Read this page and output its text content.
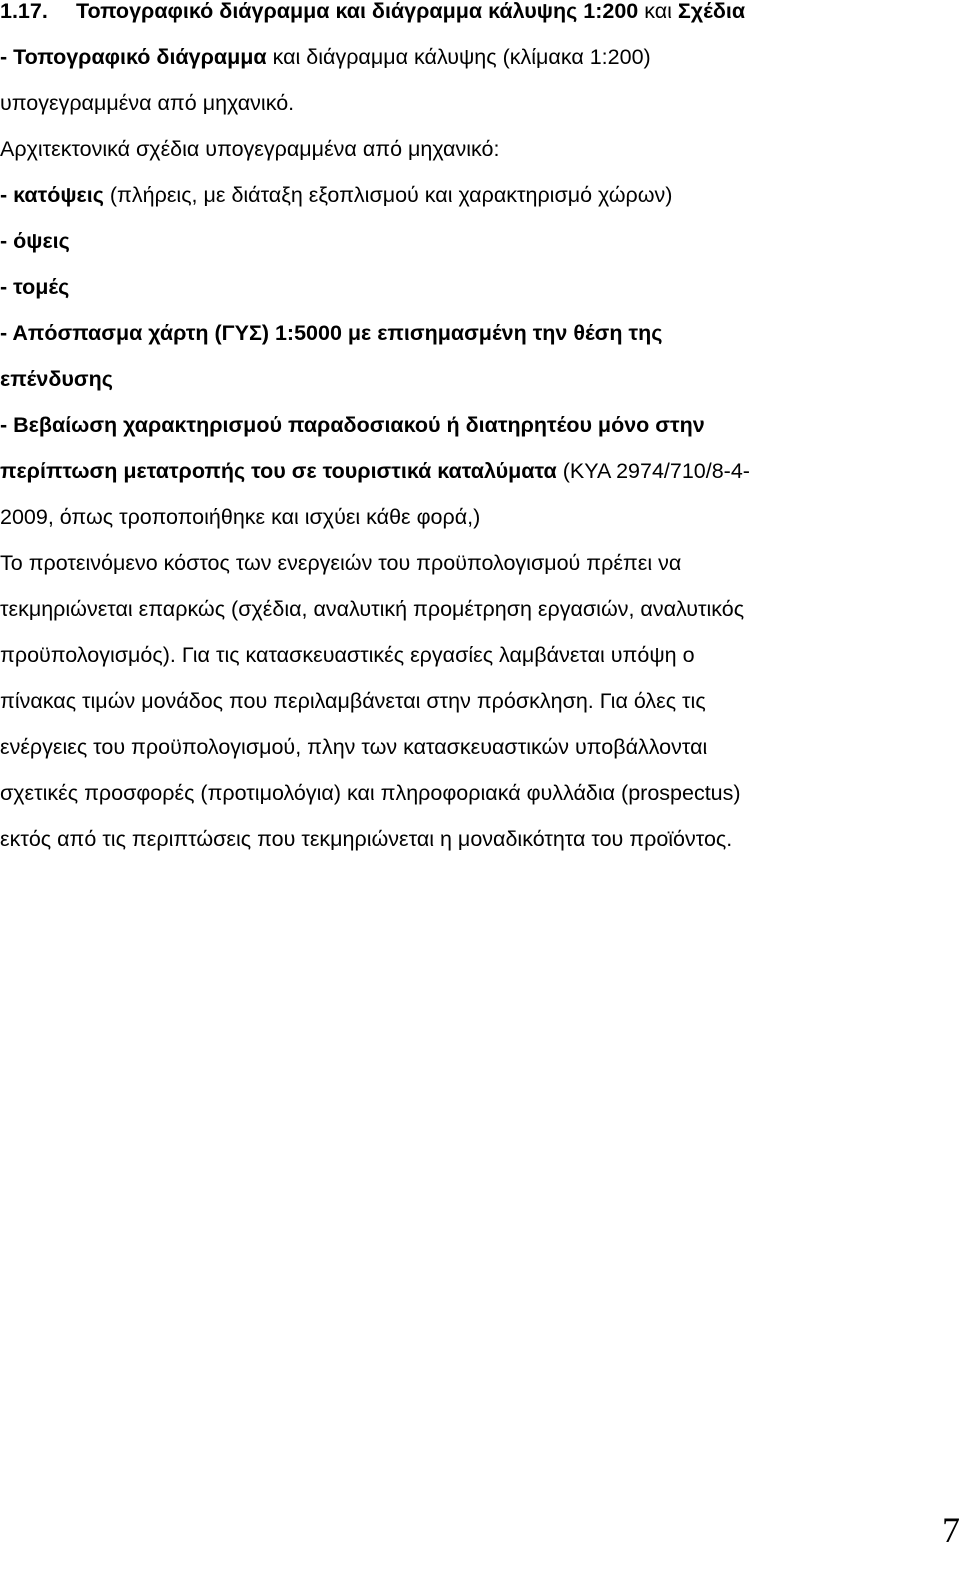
1.17. Τοπογραφικό διάγραμμα και διάγραμμα κάλυψης 1:200 και Σχέδια
- Τοπογραφικό διάγραμμα και διάγραμμα κάλυψης (κλίμακα 1:200)
υπογεγραμμένα από μηχανικό.
Αρχιτεκτονικά σχέδια υπογεγραμμένα από μηχανικό:
- κατόψεις (πλήρεις, με διάταξη εξοπλισμού και χαρακτηρισμό χώρων)
- όψεις
- τομές
- Απόσπασμα χάρτη (ΓΥΣ) 1:5000 με επισημασμένη την θέση της
επένδυσης
- Βεβαίωση χαρακτηρισμού παραδοσιακού ή διατηρητέου μόνο στην
περίπτωση μετατροπής του σε τουριστικά καταλύματα (ΚΥΑ 2974/710/8-4-
2009, όπως τροποποιήθηκε και ισχύει κάθε φορά,)
Το προτεινόμενο κόστος των ενεργειών του προϋπολογισμού πρέπει να
τεκμηριώνεται επαρκώς (σχέδια, αναλυτική προμέτρηση εργασιών, αναλυτικός
προϋπολογισμός). Για τις κατασκευαστικές εργασίες λαμβάνεται υπόψη ο
πίνακας τιμών μονάδος που περιλαμβάνεται στην πρόσκληση. Για όλες τις
ενέργειες του προϋπολογισμού, πλην των κατασκευαστικών υποβάλλονται
σχετικές προσφορές (προτιμολόγια) και πληροφοριακά φυλλάδια (prospectus)
εκτός από τις περιπτώσεις που τεκμηριώνεται η μοναδικότητα του προϊόντος.
7
